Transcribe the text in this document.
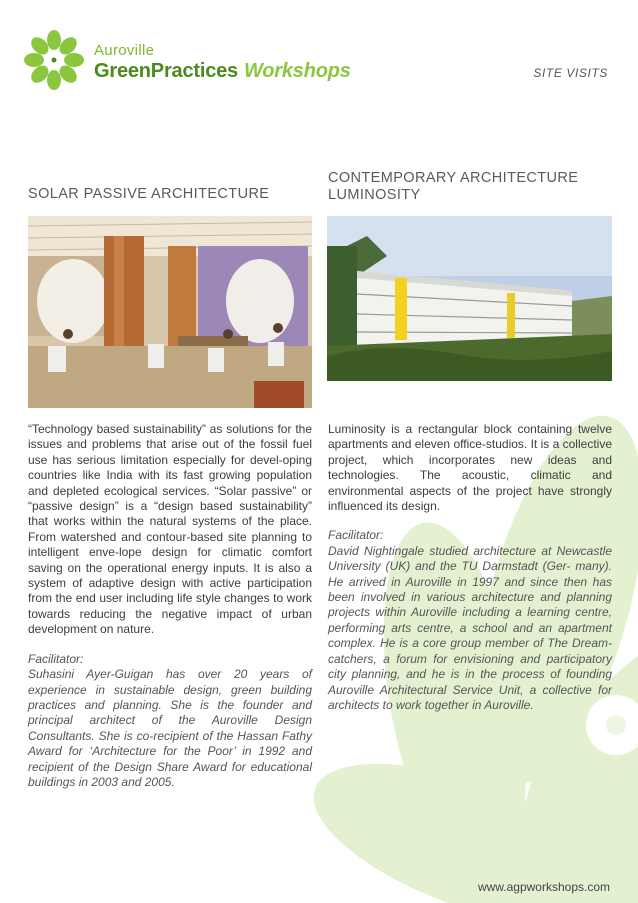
Auroville
GreenPractices Workshops	SITE VISITS
SOLAR PASSIVE ARCHITECTURE
CONTEMPORARY ARCHITECTURE
LUMINOSITY

“Technology based sustainability” as solutions for the issues and problems that arise out of the fossil fuel use has serious limitation especially for devel-oping countries like India with its fast growing population and depleted ecological services. “Solar passive” or “passive design” is a “design based sustainability” that works within the natural systems of the place. From watershed and contour-based site planning to intelligent enve-lope design for climatic comfort saving on the operational energy inputs. It is also a system of adaptive design with active participation from the end user including life style changes to work towards reducing the negative impact of urban development on nature.

Facilitator:
Suhasini Ayer-Guigan has over 20 years of experience in sustainable design, green building practices and planning. She is the founder and principal architect of the Auroville Design Consultants. She is co-recipient of the Hassan Fathy Award for ‘Architecture for the Poor’ in 1992 and recipient of the Design Share Award for educational buildings in 2003 and 2005.

Luminosity is a rectangular block containing twelve apartments and eleven office-studios. It is a collective project, which incorporates new ideas and technologies. The acoustic, climatic and environmental aspects of the project have strongly influenced its design.

Facilitator:
David Nightingale studied architecture at Newcastle University (UK) and the TU Darmstadt (Ger- many). He arrived in Auroville in 1997 and since then has been involved in various architecture and planning projects within Auroville including a learning centre, performing arts centre, a school and an apartment complex. He is a core group member of The Dream-catchers, a forum for envisioning and participatory city planning, and he is in the process of founding Auroville Architectural Service Unit, a collective for architects to work together in Auroville.

www.agpworkshops.com
